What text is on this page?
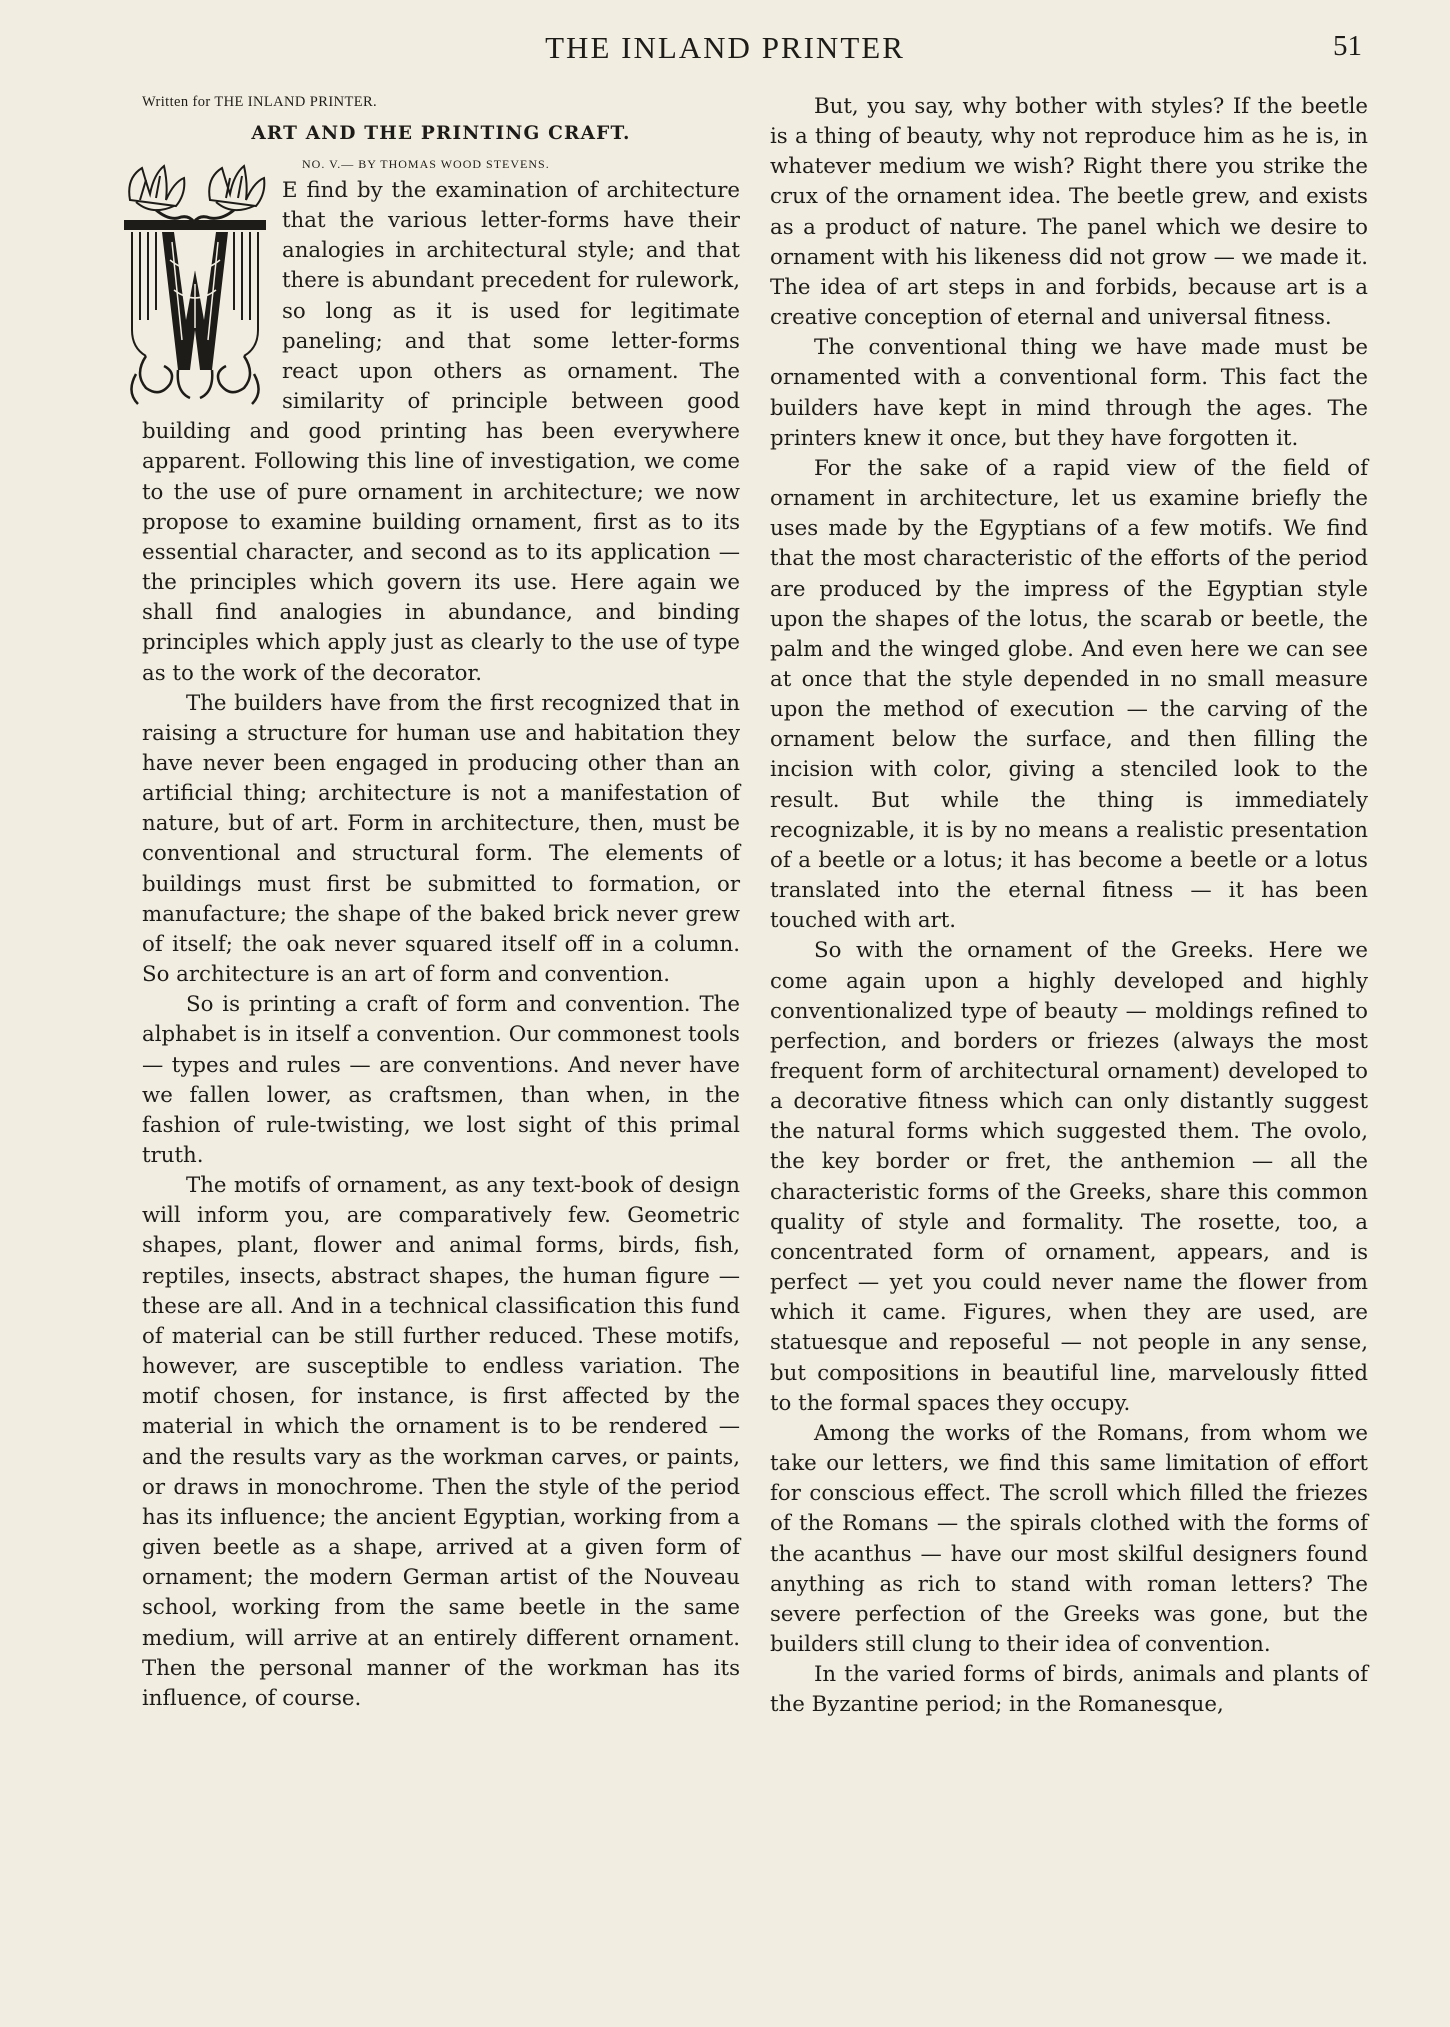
THE INLAND PRINTER	51
Written for THE INLAND PRINTER.
ART AND THE PRINTING CRAFT.
NO. V.— BY THOMAS WOOD STEVENS.

E find by the examination of architecture that the various letter-forms have their analogies in architectural style; and that there is abundant precedent for rulework, so long as it is used for legitimate paneling; and that some letter-forms react upon others as ornament. The similarity of principle between good building and good printing has been everywhere apparent. Following this line of investigation, we come to the use of pure ornament in architecture; we now propose to examine building ornament, first as to its essential character, and second as to its application — the principles which govern its use. Here again we shall find analogies in abundance, and binding principles which apply just as clearly to the use of type as to the work of the decorator.

The builders have from the first recognized that in raising a structure for human use and habitation they have never been engaged in producing other than an artificial thing; architecture is not a manifestation of nature, but of art. Form in architecture, then, must be conventional and structural form. The elements of buildings must first be submitted to formation, or manufacture; the shape of the baked brick never grew of itself; the oak never squared itself off in a column. So architecture is an art of form and convention.

So is printing a craft of form and convention. The alphabet is in itself a convention. Our commonest tools — types and rules — are conventions. And never have we fallen lower, as craftsmen, than when, in the fashion of rule-twisting, we lost sight of this primal truth.

The motifs of ornament, as any text-book of design will inform you, are comparatively few. Geometric shapes, plant, flower and animal forms, birds, fish, reptiles, insects, abstract shapes, the human figure — these are all. And in a technical classification this fund of material can be still further reduced. These motifs, however, are susceptible to endless variation. The motif chosen, for instance, is first affected by the material in which the ornament is to be rendered — and the results vary as the workman carves, or paints, or draws in monochrome. Then the style of the period has its influence; the ancient Egyptian, working from a given beetle as a shape, arrived at a given form of ornament; the modern German artist of the Nouveau school, working from the same beetle in the same medium, will arrive at an entirely different ornament. Then the personal manner of the workman has its influence, of course.

But, you say, why bother with styles? If the beetle is a thing of beauty, why not reproduce him as he is, in whatever medium we wish? Right there you strike the crux of the ornament idea. The beetle grew, and exists as a product of nature. The panel which we desire to ornament with his likeness did not grow — we made it. The idea of art steps in and forbids, because art is a creative conception of eternal and universal fitness.

The conventional thing we have made must be ornamented with a conventional form. This fact the builders have kept in mind through the ages. The printers knew it once, but they have forgotten it.

For the sake of a rapid view of the field of ornament in architecture, let us examine briefly the uses made by the Egyptians of a few motifs. We find that the most characteristic of the efforts of the period are produced by the impress of the Egyptian style upon the shapes of the lotus, the scarab or beetle, the palm and the winged globe. And even here we can see at once that the style depended in no small measure upon the method of execution — the carving of the ornament below the surface, and then filling the incision with color, giving a stenciled look to the result. But while the thing is immediately recognizable, it is by no means a realistic presentation of a beetle or a lotus; it has become a beetle or a lotus translated into the eternal fitness — it has been touched with art.

So with the ornament of the Greeks. Here we come again upon a highly developed and highly conventionalized type of beauty — moldings refined to perfection, and borders or friezes (always the most frequent form of architectural ornament) developed to a decorative fitness which can only distantly suggest the natural forms which suggested them. The ovolo, the key border or fret, the anthemion — all the characteristic forms of the Greeks, share this common quality of style and formality. The rosette, too, a concentrated form of ornament, appears, and is perfect — yet you could never name the flower from which it came. Figures, when they are used, are statuesque and reposeful — not people in any sense, but compositions in beautiful line, marvelously fitted to the formal spaces they occupy.

Among the works of the Romans, from whom we take our letters, we find this same limitation of effort for conscious effect. The scroll which filled the friezes of the Romans — the spirals clothed with the forms of the acanthus — have our most skilful designers found anything as rich to stand with roman letters? The severe perfection of the Greeks was gone, but the builders still clung to their idea of convention.

In the varied forms of birds, animals and plants of the Byzantine period; in the Romanesque,
